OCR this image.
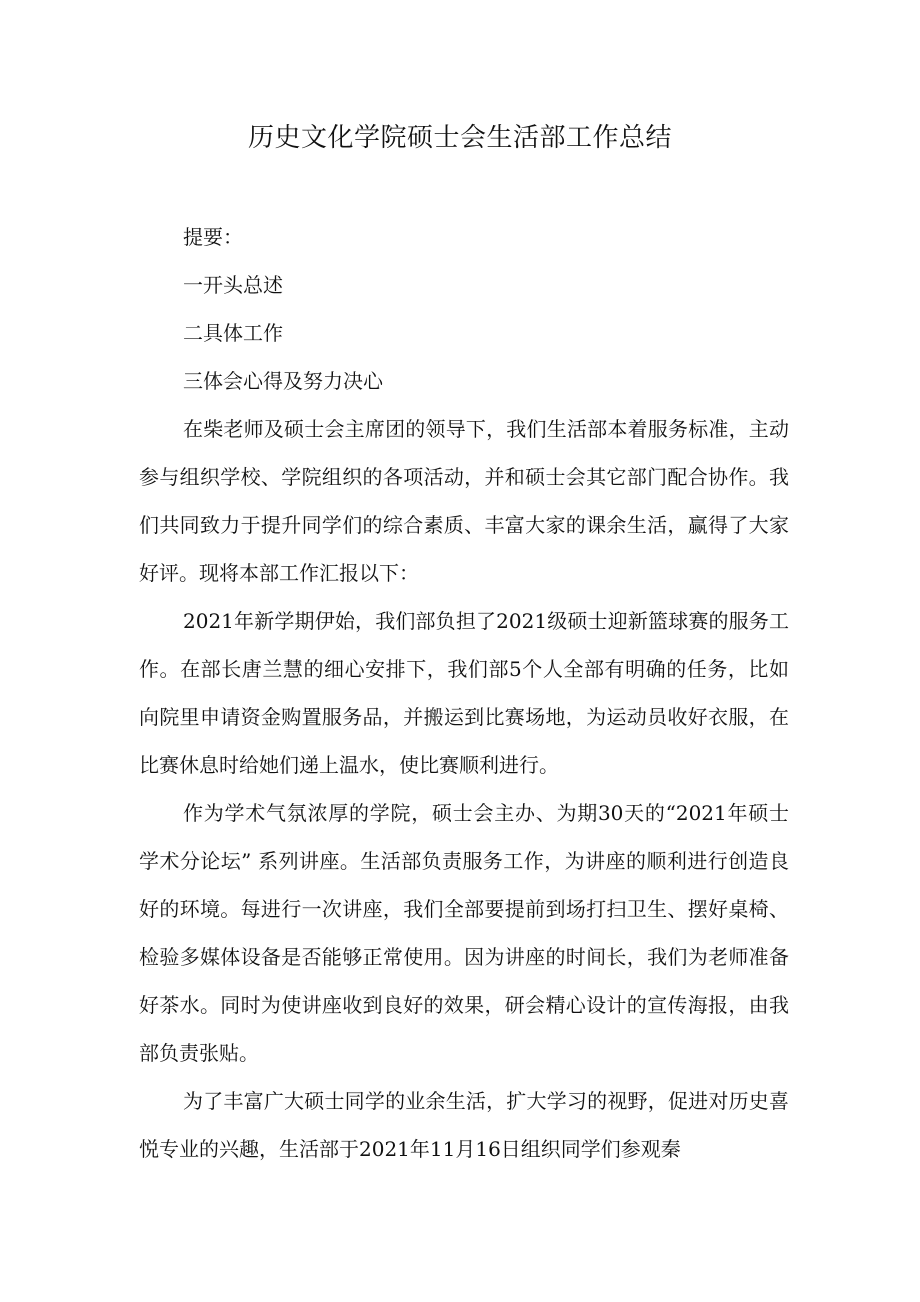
历史文化学院硕士会生活部工作总结

提要：

一开头总述

二具体工作

三体会心得及努力决心

在柴老师及硕士会主席团的领导下，我们生活部本着服务标准，主动参与组织学校、学院组织的各项活动，并和硕士会其它部门配合协作。我们共同致力于提升同学们的综合素质、丰富大家的课余生活，赢得了大家好评。现将本部工作汇报以下：

2021年新学期伊始，我们部负担了2021级硕士迎新篮球赛的服务工作。在部长唐兰慧的细心安排下，我们部5个人全部有明确的任务，比如向院里申请资金购置服务品，并搬运到比赛场地，为运动员收好衣服，在比赛休息时给她们递上温水，使比赛顺利进行。

作为学术气氛浓厚的学院，硕士会主办、为期30天的“2021年硕士学术分论坛” 系列讲座。生活部负责服务工作，为讲座的顺利进行创造良好的环境。每进行一次讲座，我们全部要提前到场打扫卫生、摆好桌椅、检验多媒体设备是否能够正常使用。因为讲座的时间长，我们为老师准备好茶水。同时为使讲座收到良好的效果，研会精心设计的宣传海报，由我部负责张贴。

为了丰富广大硕士同学的业余生活，扩大学习的视野，促进对历史喜悦专业的兴趣，生活部于2021年11月16日组织同学们参观秦
